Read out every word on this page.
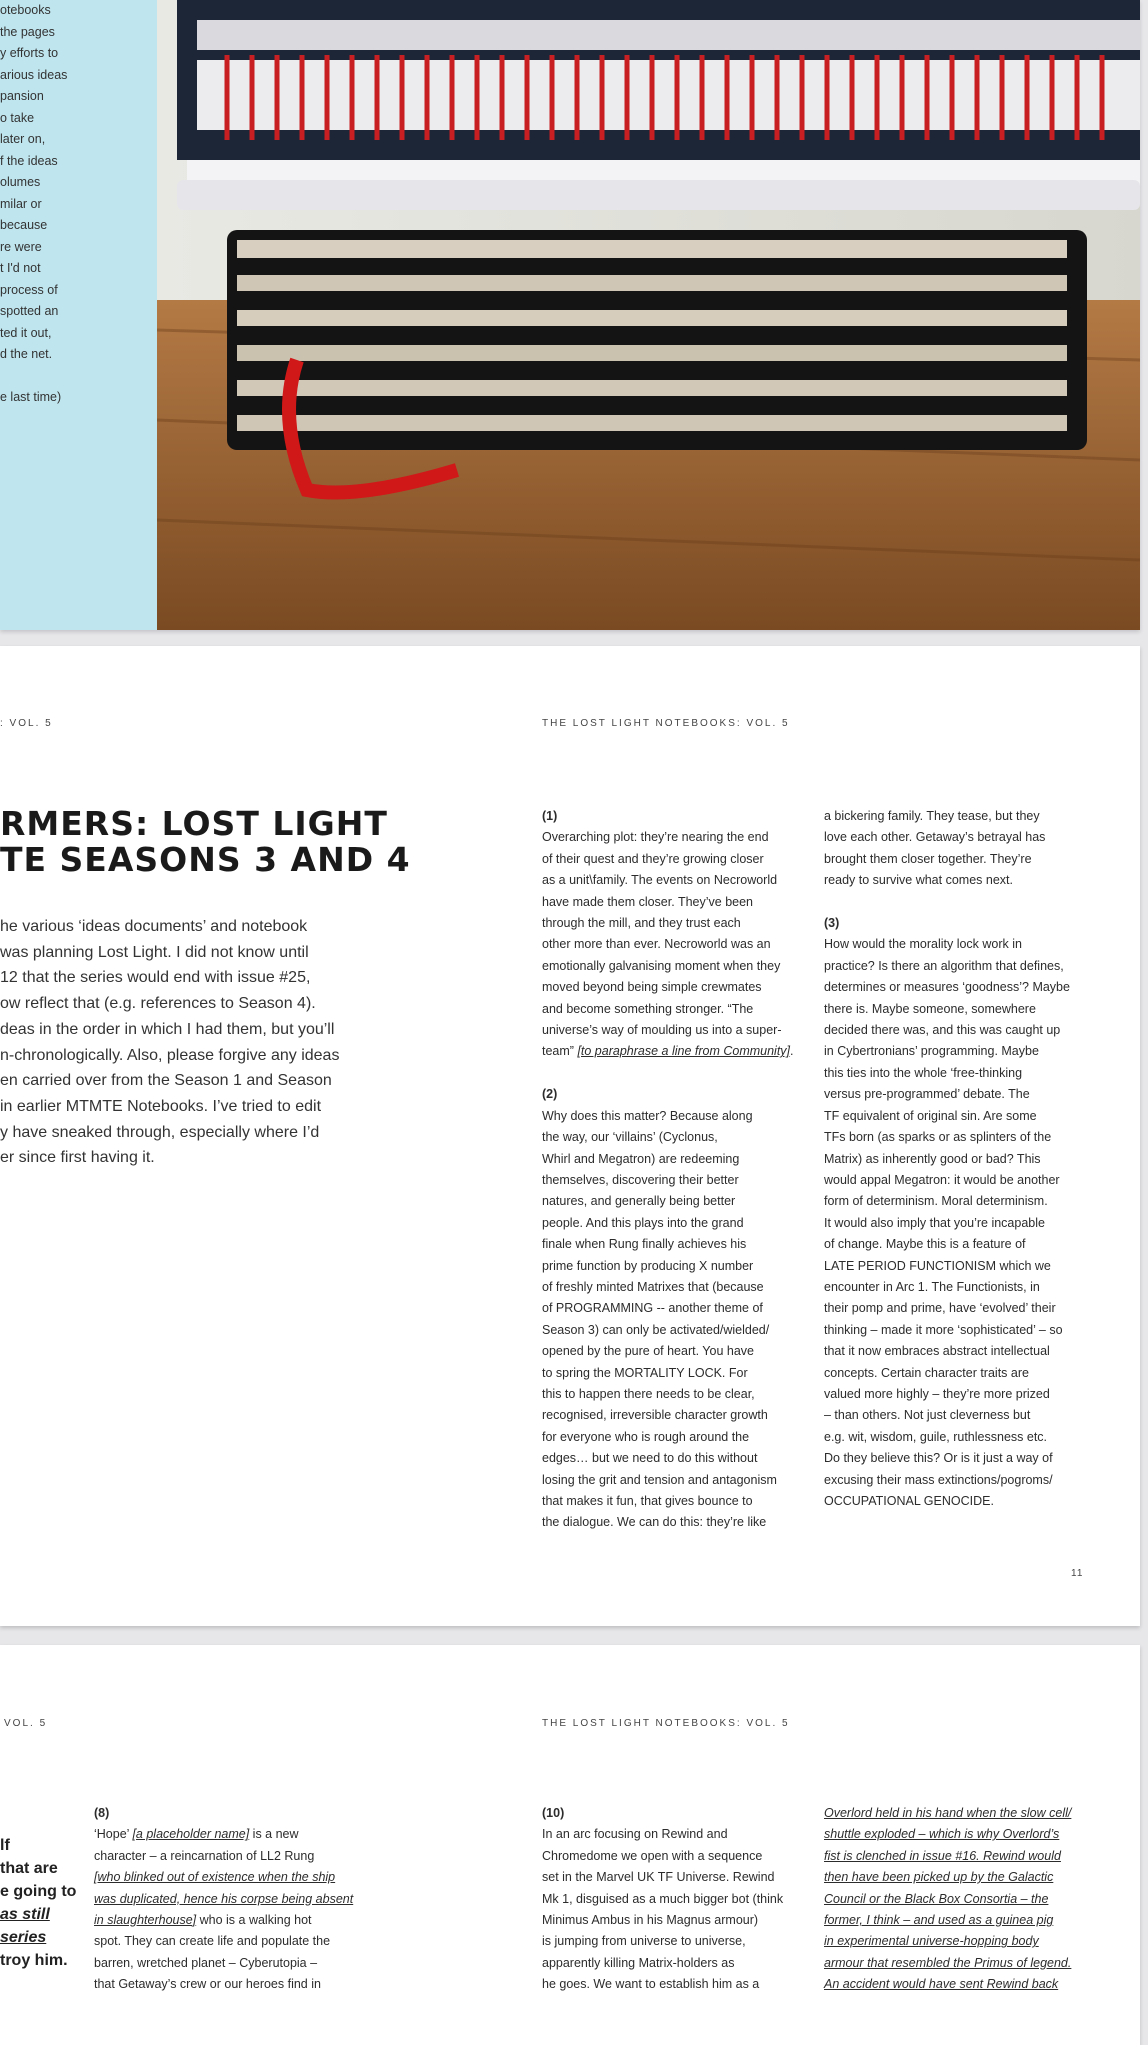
otebooks
the pages
y efforts to
arious ideas
pansion
o take
later on,
f the ideas
olumes
milar or
because
re were
t I'd not
process of
spotted an
ted it out,
d the net.

e last time)
: VOL. 5	THE LOST LIGHT NOTEBOOKS: VOL. 5
RMERS: LOST LIGHT
TE SEASONS 3 AND 4
he various ‘ideas documents’ and notebook
was planning Lost Light. I did not know until
12 that the series would end with issue #25,
ow reflect that (e.g. references to Season 4).
deas in the order in which I had them, but you’ll
n-chronologically. Also, please forgive any ideas
en carried over from the Season 1 and Season
in earlier MTMTE Notebooks. I’ve tried to edit
y have sneaked through, especially where I’d
er since first having it.
(1)
Overarching plot: they’re nearing the end
of their quest and they’re growing closer
as a unit\family. The events on Necroworld
have made them closer. They’ve been
through the mill, and they trust each
other more than ever. Necroworld was an
emotionally galvanising moment when they
moved beyond being simple crewmates
and become something stronger. “The
universe’s way of moulding us into a super-
team” [to paraphrase a line from Community].

(2)
Why does this matter? Because along
the way, our ‘villains’ (Cyclonus,
Whirl and Megatron) are redeeming
themselves, discovering their better
natures, and generally being better
people. And this plays into the grand
finale when Rung finally achieves his
prime function by producing X number
of freshly minted Matrixes that (because
of PROGRAMMING -- another theme of
Season 3) can only be activated/wielded/
opened by the pure of heart. You have
to spring the MORTALITY LOCK. For
this to happen there needs to be clear,
recognised, irreversible character growth
for everyone who is rough around the
edges… but we need to do this without
losing the grit and tension and antagonism
that makes it fun, that gives bounce to
the dialogue. We can do this: they’re like
a bickering family. They tease, but they
love each other. Getaway’s betrayal has
brought them closer together. They’re
ready to survive what comes next.

(3)
How would the morality lock work in
practice? Is there an algorithm that defines,
determines or measures ‘goodness’? Maybe
there is. Maybe someone, somewhere
decided there was, and this was caught up
in Cybertronians’ programming. Maybe
this ties into the whole ‘free-thinking
versus pre-programmed’ debate. The
TF equivalent of original sin. Are some
TFs born (as sparks or as splinters of the
Matrix) as inherently good or bad? This
would appal Megatron: it would be another
form of determinism. Moral determinism.
It would also imply that you’re incapable
of change. Maybe this is a feature of
LATE PERIOD FUNCTIONISM which we
encounter in Arc 1. The Functionists, in
their pomp and prime, have ‘evolved’ their
thinking – made it more ‘sophisticated’ – so
that it now embraces abstract intellectual
concepts. Certain character traits are
valued more highly – they’re more prized
– than others. Not just cleverness but
e.g. wit, wisdom, guile, ruthlessness etc.
Do they believe this? Or is it just a way of
excusing their mass extinctions/pogroms/
OCCUPATIONAL GENOCIDE.
11
VOL. 5	THE LOST LIGHT NOTEBOOKS: VOL. 5
lf
that are
e going to
as still
series
troy him.
(8)
‘Hope’ [a placeholder name] is a new
character – a reincarnation of LL2 Rung
[who blinked out of existence when the ship
was duplicated, hence his corpse being absent
in slaughterhouse] who is a walking hot
spot. They can create life and populate the
barren, wretched planet – Cyberutopia –
that Getaway’s crew or our heroes find in
(10)
In an arc focusing on Rewind and
Chromedome we open with a sequence
set in the Marvel UK TF Universe. Rewind
Mk 1, disguised as a much bigger bot (think
Minimus Ambus in his Magnus armour)
is jumping from universe to universe,
apparently killing Matrix-holders as
he goes. We want to establish him as a
Overlord held in his hand when the slow cell/
shuttle exploded – which is why Overlord’s
fist is clenched in issue #16. Rewind would
then have been picked up by the Galactic
Council or the Black Box Consortia – the
former, I think – and used as a guinea pig
in experimental universe-hopping body
armour that resembled the Primus of legend.
An accident would have sent Rewind back
